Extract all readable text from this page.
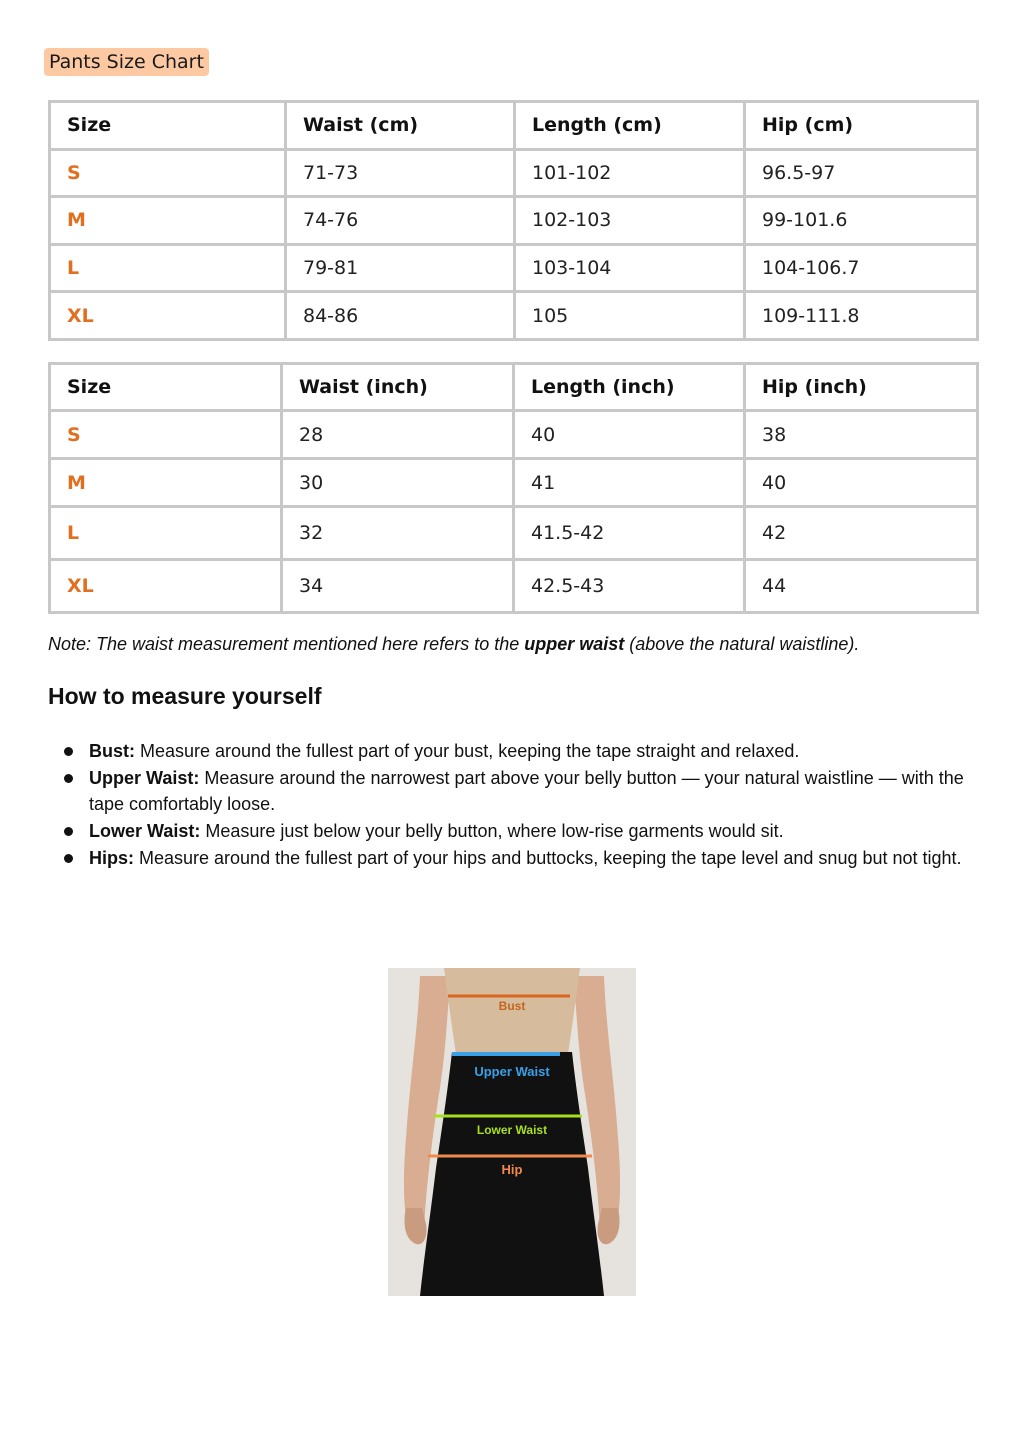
Pants Size Chart
Size	Waist (cm)	Length (cm)	Hip (cm)
S	71-73	101-102	96.5-97
M	74-76	102-103	99-101.6
L	79-81	103-104	104-106.7
XL	84-86	105	109-111.8
Size	Waist (inch)	Length (inch)	Hip (inch)
S	28	40	38
M	30	41	40
L	32	41.5-42	42
XL	34	42.5-43	44
Note: The waist measurement mentioned here refers to the upper waist (above the natural waistline).
How to measure yourself
Bust: Measure around the fullest part of your bust, keeping the tape straight and relaxed.
Upper Waist: Measure around the narrowest part above your belly button — your natural waistline — with the tape comfortably loose.
Lower Waist: Measure just below your belly button, where low-rise garments would sit.
Hips: Measure around the fullest part of your hips and buttocks, keeping the tape level and snug but not tight.
Bust
Upper Waist
Lower Waist
Hip
